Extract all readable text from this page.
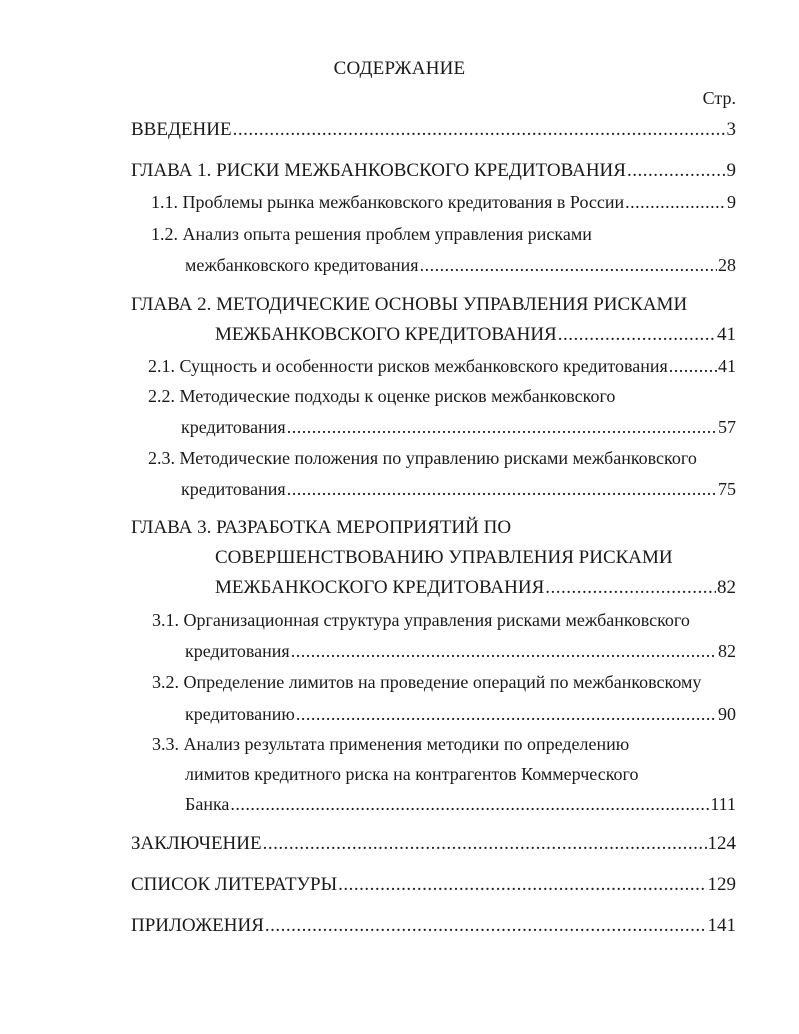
СОДЕРЖАНИЕ
Стр.
ВВЕДЕНИЕ .....	3
ГЛАВА 1. РИСКИ МЕЖБАНКОВСКОГО КРЕДИТОВАНИЯ .....	9
1.1. Проблемы рынка межбанковского кредитования в России .....	9
1.2. Анализ опыта решения проблем управления рисками
межбанковского кредитования .....	28
ГЛАВА 2. МЕТОДИЧЕСКИЕ ОСНОВЫ УПРАВЛЕНИЯ РИСКАМИ
МЕЖБАНКОВСКОГО КРЕДИТОВАНИЯ .....	41
2.1. Сущность и особенности рисков межбанковского кредитования .....	41
2.2. Методические подходы к оценке рисков межбанковского
кредитования .....	57
2.3. Методические положения по управлению рисками межбанковского
кредитования .....	75
ГЛАВА 3. РАЗРАБОТКА МЕРОПРИЯТИЙ ПО
СОВЕРШЕНСТВОВАНИЮ УПРАВЛЕНИЯ РИСКАМИ
МЕЖБАНКОСКОГО КРЕДИТОВАНИЯ .....	82
3.1. Организационная структура управления рисками межбанковского
кредитования .....	82
3.2. Определение лимитов на проведение операций по межбанковскому
кредитованию .....	90
3.3. Анализ результата применения методики по определению
лимитов кредитного риска на контрагентов Коммерческого
Банка .....	111
ЗАКЛЮЧЕНИЕ .....	124
СПИСОК ЛИТЕРАТУРЫ .....	129
ПРИЛОЖЕНИЯ .....	141
